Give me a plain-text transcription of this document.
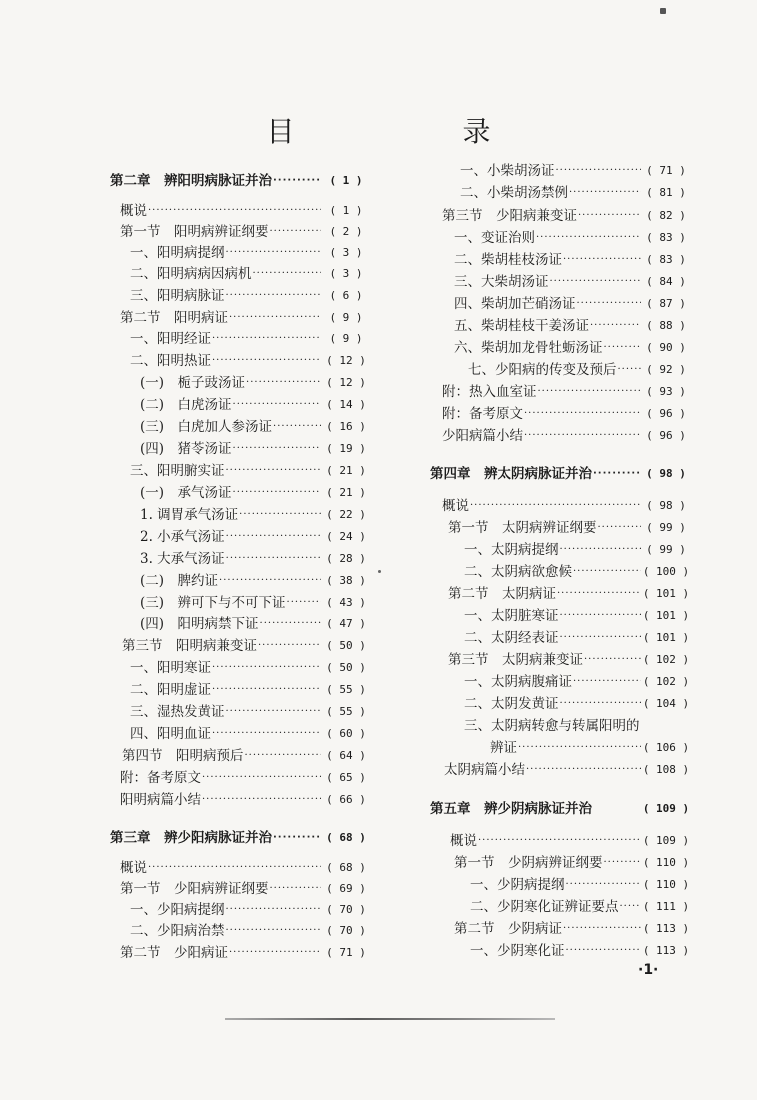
目　录
第二章　辨阳明病脉证并治 ·····	( 1 )
概说 ·····	( 1 )
第一节　阳明病辨证纲要 ·····	( 2 )
一、阳明病提纲 ·····	( 3 )
二、阳明病病因病机 ·····	( 3 )
三、阳明病脉证 ·····	( 6 )
第二节　阳明病证 ·····	( 9 )
一、阳明经证 ·····	( 9 )
二、阳明热证 ·····	( 12 )
(一)　栀子豉汤证 ·····	( 12 )
(二)　白虎汤证 ·····	( 14 )
(三)　白虎加人参汤证 ·····	( 16 )
(四)　猪苓汤证 ·····	( 19 )
三、阳明腑实证 ·····	( 21 )
(一)　承气汤证 ·····	( 21 )
1. 调胃承气汤证 ·····	( 22 )
2. 小承气汤证 ·····	( 24 )
3. 大承气汤证 ·····	( 28 )
(二)　脾约证 ·····	( 38 )
(三)　辨可下与不可下证 ·····	( 43 )
(四)　阳明病禁下证 ·····	( 47 )
第三节　阳明病兼变证 ·····	( 50 )
一、阳明寒证 ·····	( 50 )
二、阳明虚证 ·····	( 55 )
三、湿热发黄证 ·····	( 55 )
四、阳明血证 ·····	( 60 )
第四节　阳明病预后 ·····	( 64 )
附：备考原文 ·····	( 65 )
阳明病篇小结 ·····	( 66 )
第三章　辨少阳病脉证并治 ·····	( 68 )
概说 ·····	( 68 )
第一节　少阳病辨证纲要 ·····	( 69 )
一、少阳病提纲 ·····	( 70 )
二、少阳病治禁 ·····	( 70 )
第二节　少阳病证 ·····	( 71 )
一、小柴胡汤证 ·····	( 71 )
二、小柴胡汤禁例 ·····	( 81 )
第三节　少阳病兼变证 ·····	( 82 )
一、变证治则 ·····	( 83 )
二、柴胡桂枝汤证 ·····	( 83 )
三、大柴胡汤证 ·····	( 84 )
四、柴胡加芒硝汤证 ·····	( 87 )
五、柴胡桂枝干姜汤证 ·····	( 88 )
六、柴胡加龙骨牡蛎汤证 ·····	( 90 )
七、少阳病的传变及预后 ·····	( 92 )
附：热入血室证 ·····	( 93 )
附：备考原文 ·····	( 96 )
少阳病篇小结 ·····	( 96 )
第四章　辨太阴病脉证并治 ·····	( 98 )
概说 ·····	( 98 )
第一节　太阴病辨证纲要 ·····	( 99 )
一、太阴病提纲 ·····	( 99 )
二、太阴病欲愈候 ·····	( 100 )
第二节　太阴病证 ·····	( 101 )
一、太阴脏寒证 ·····	( 101 )
二、太阴经表证 ·····	( 101 )
第三节　太阴病兼变证 ·····	( 102 )
一、太阴病腹痛证 ·····	( 102 )
二、太阴发黄证 ·····	( 104 )
三、太阴病转愈与转属阳明的
辨证 ·····	( 106 )
太阴病篇小结 ·····	( 108 )
第五章　辨少阴病脉证并治	( 109 )
概说 ·····	( 109 )
第一节　少阴病辨证纲要 ·····	( 110 )
一、少阴病提纲 ·····	( 110 )
二、少阴寒化证辨证要点 ····· ( 111 )
第二节　少阴病证 ·····	( 113 )
一、少阴寒化证 ·····	( 113 )
·1·
